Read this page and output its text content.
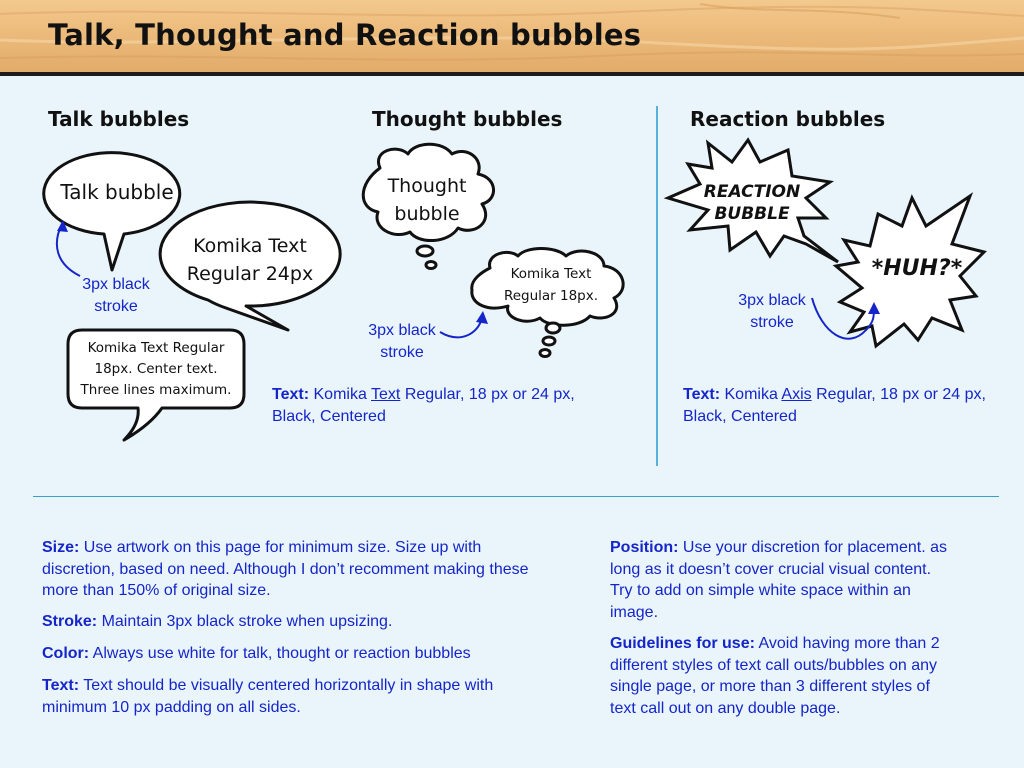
Talk, Thought and Reaction bubbles
Talk bubbles	Thought bubbles	Reaction bubbles
Talk bubble
Komika Text
Regular 24px
Komika Text Regular
18px. Center text.
Three lines maximum.
3px black
stroke
Thought
bubble
Komika Text
Regular 18px.
3px black
stroke
Text: Komika Text Regular, 18 px or 24 px,
Black, Centered
REACTION
BUBBLE
*HUH?*
3px black
stroke
Text: Komika Axis Regular, 18 px or 24 px,
Black, Centered
Size: Use artwork on this page for minimum size. Size up with discretion, based on need. Although I don’t recomment making these more than 150% of original size.
Stroke: Maintain 3px black stroke when upsizing.
Color: Always use white for talk, thought or reaction bubbles
Text: Text should be visually centered horizontally in shape with minimum 10 px padding on all sides.
Position: Use your discretion for placement. as long as it doesn’t cover crucial visual content. Try to add on simple white space within an image.
Guidelines for use: Avoid having more than 2 different styles of text call outs/bubbles on any single page, or more than 3 different styles of text call out on any double page.
